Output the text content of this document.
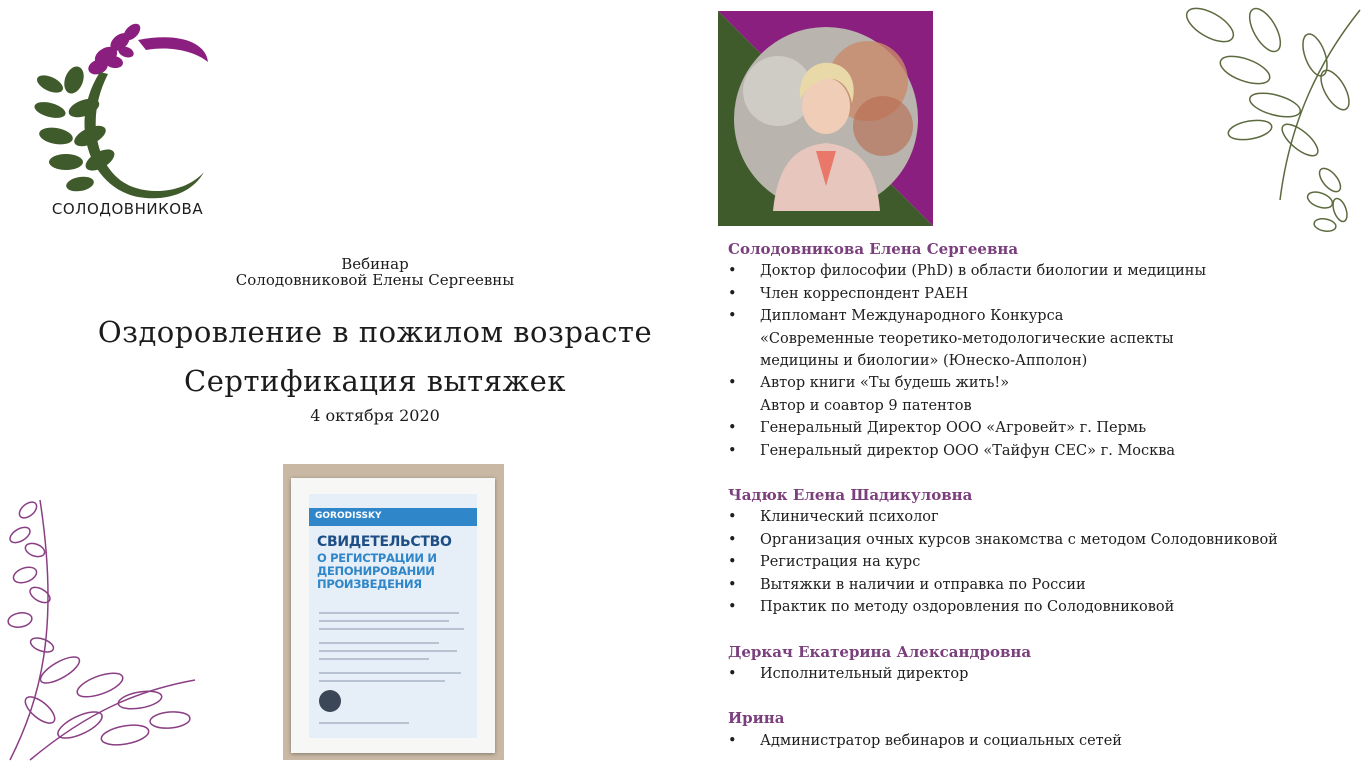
СОЛОДОВНИКОВА
Вебинар
Солодовниковой Елены Сергеевны
Оздоровление в пожилом возрасте
Сертификация вытяжек
4 октября 2020
GORODISSKY
СВИДЕТЕЛЬСТВО
О РЕГИСТРАЦИИ И ДЕПОНИРОВАНИИ ПРОИЗВЕДЕНИЯ
Солодовникова Елена Сергеевна
•	Доктор философии (PhD) в области биологии и медицины
•	Член корреспондент РАЕН
•	Дипломант Международного Конкурса
«Современные теоретико-методологические аспекты
медицины и биологии» (Юнеско-Апполон)
•	Автор книги «Ты будешь жить!»
Автор и соавтор 9 патентов
•	Генеральный Директор ООО «Агровейт» г. Пермь
•	Генеральный директор ООО «Тайфун СЕС» г. Москва
Чадюк Елена Шадикуловна
•	Клинический психолог
•	Организация очных курсов знакомства с методом Солодовниковой
•	Регистрация на курс
•	Вытяжки в наличии и отправка по России
•	Практик по методу оздоровления по Солодовниковой
Деркач Екатерина Александровна
•	Исполнительный директор
Ирина
•	Администратор вебинаров и социальных сетей
